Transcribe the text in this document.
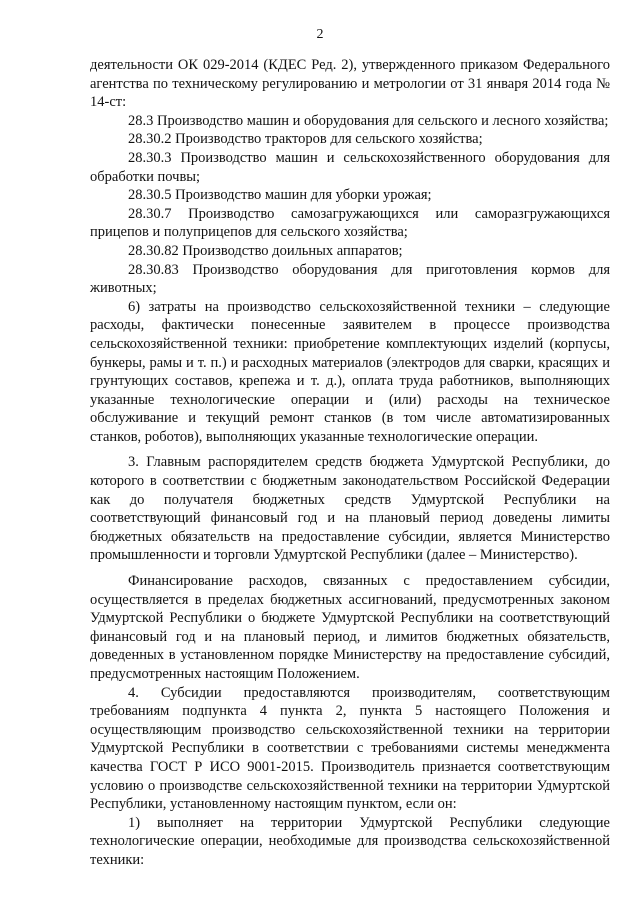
2

деятельности ОК 029-2014 (КДЕС Ред. 2), утвержденного приказом Федерального агентства по техническому регулированию и метрологии от 31 января 2014 года № 14-ст:

28.3 Производство машин и оборудования для сельского и лесного хозяйства;

28.30.2 Производство тракторов для сельского хозяйства;

28.30.3 Производство машин и сельскохозяйственного оборудования для обработки почвы;

28.30.5 Производство машин для уборки урожая;

28.30.7 Производство самозагружающихся или саморазгружающихся прицепов и полуприцепов для сельского хозяйства;

28.30.82 Производство доильных аппаратов;

28.30.83 Производство оборудования для приготовления кормов для животных;

6) затраты на производство сельскохозяйственной техники – следующие расходы, фактически понесенные заявителем в процессе производства сельскохозяйственной техники: приобретение комплектующих изделий (корпусы, бункеры, рамы и т. п.) и расходных материалов (электродов для сварки, красящих и грунтующих составов, крепежа и т. д.), оплата труда работников, выполняющих указанные технологические операции и (или) расходы на техническое обслуживание и текущий ремонт станков (в том числе автоматизированных станков, роботов), выполняющих указанные технологические операции.

3. Главным распорядителем средств бюджета Удмуртской Республики, до которого в соответствии с бюджетным законодательством Российской Федерации как до получателя бюджетных средств Удмуртской Республики на соответствующий финансовый год и на плановый период доведены лимиты бюджетных обязательств на предоставление субсидии, является Министерство промышленности и торговли Удмуртской Республики (далее – Министерство).

Финансирование расходов, связанных с предоставлением субсидии, осуществляется в пределах бюджетных ассигнований, предусмотренных законом Удмуртской Республики о бюджете Удмуртской Республики на соответствующий финансовый год и на плановый период, и лимитов бюджетных обязательств, доведенных в установленном порядке Министерству на предоставление субсидий, предусмотренных настоящим Положением.

4. Субсидии предоставляются производителям, соответствующим требованиям подпункта 4 пункта 2, пункта 5 настоящего Положения и осуществляющим производство сельскохозяйственной техники на территории Удмуртской Республики в соответствии с требованиями системы менеджмента качества ГОСТ Р ИСО 9001-2015. Производитель признается соответствующим условию о производстве сельскохозяйственной техники на территории Удмуртской Республики, установленному настоящим пунктом, если он:

1) выполняет на территории Удмуртской Республики следующие технологические операции, необходимые для производства сельскохозяйственной техники:
